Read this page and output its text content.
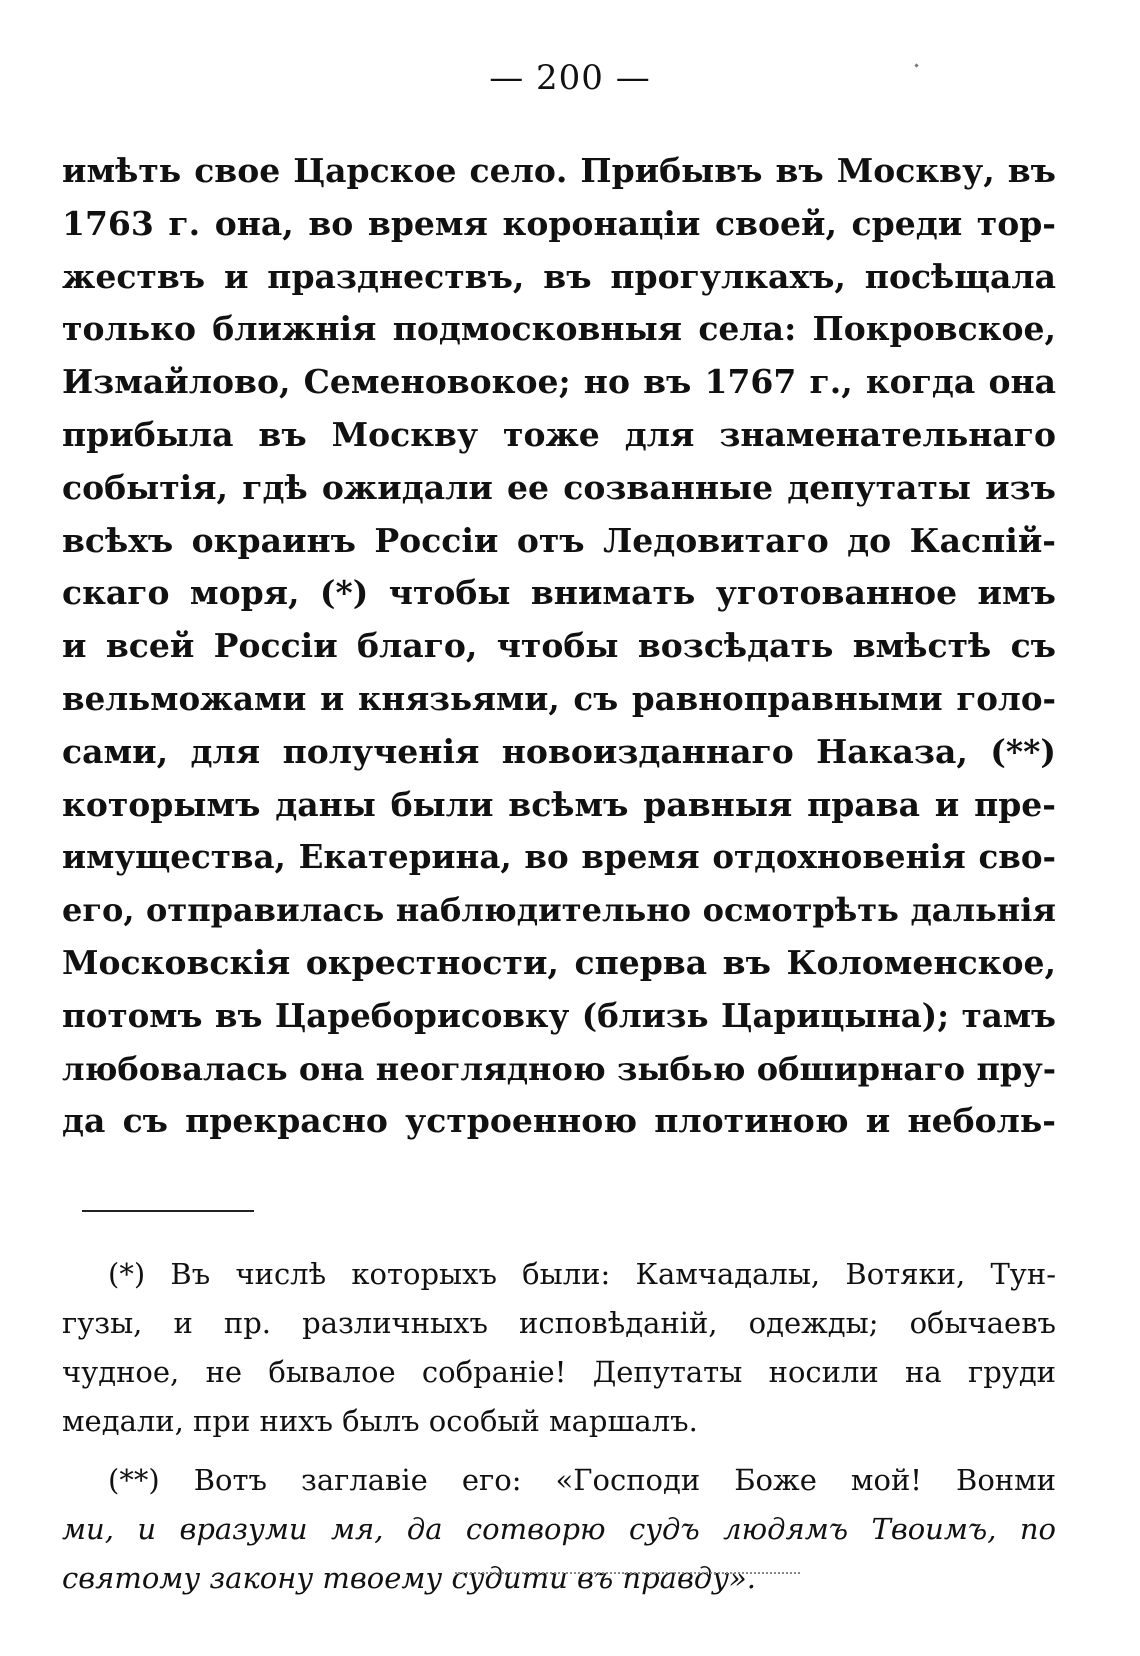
— 200 —
имѣть свое Царское село. Прибывъ въ Москву, въ
1763 г. она, во время коронаціи своей, среди тор-
жествъ и празднествъ, въ прогулкахъ, посѣщала
только ближнія подмосковныя села: Покровское,
Измайлово, Семеновокое; но въ 1767 г., когда она
прибыла въ Москву тоже для знаменательнаго
событія, гдѣ ожидали ее созванные депутаты изъ
всѣхъ окраинъ Россіи отъ Ледовитаго до Каспій-
скаго моря, (*) чтобы внимать уготованное имъ
и всей Россіи благо, чтобы возсѣдать вмѣстѣ съ
вельможами и князьями, съ равноправными голо-
сами, для полученія новоизданнаго Наказа, (**)
которымъ даны были всѣмъ равныя права и пре-
имущества, Екатерина, во время отдохновенія сво-
его, отправилась наблюдительно осмотрѣть дальнія
Московскія окрестности, сперва въ Коломенское,
потомъ въ Цареборисовку (близь Царицына); тамъ
любовалась она неоглядною зыбью обширнаго пру-
да съ прекрасно устроенною плотиною и неболь-
(*) Въ числѣ которыхъ были: Камчадалы, Вотяки, Тун-
гузы, и пр. различныхъ исповѣданій, одежды; обычаевъ
чудное, не бывалое собраніе! Депутаты носили на груди
медали, при нихъ былъ особый маршалъ.
(**) Вотъ заглавіе его: «Господи Боже мой! Вонми
ми, и вразуми мя, да сотворю судъ людямъ Твоимъ, по
святому закону твоему судити въ правду».
